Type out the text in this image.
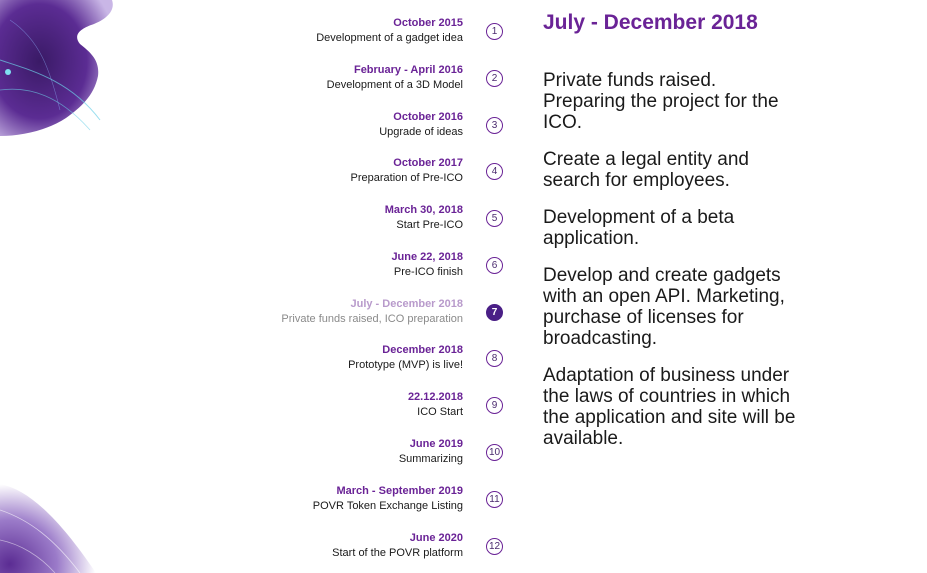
October 2015
Development of a gadget idea
1
February - April 2016
Development of a 3D Model
2
October 2016
Upgrade of ideas
3
October 2017
Preparation of Pre-ICO
4
March 30, 2018
Start Pre-ICO
5
June 22, 2018
Pre-ICO finish
6
July - December 2018
Private funds raised, ICO preparation
7
December 2018
Prototype (MVP) is live!
8
22.12.2018
ICO Start
9
June 2019
Summarizing
10
March - September 2019
POVR Token Exchange Listing
11
June 2020
Start of the POVR platform
12
July - December 2018

Private funds raised. Preparing the project for the ICO.

Create a legal entity and search for employees.

Development of a beta application.

Develop and create gadgets with an open API. Marketing, purchase of licenses for broadcasting.

Adaptation of business under the laws of countries in which the application and site will be available.
